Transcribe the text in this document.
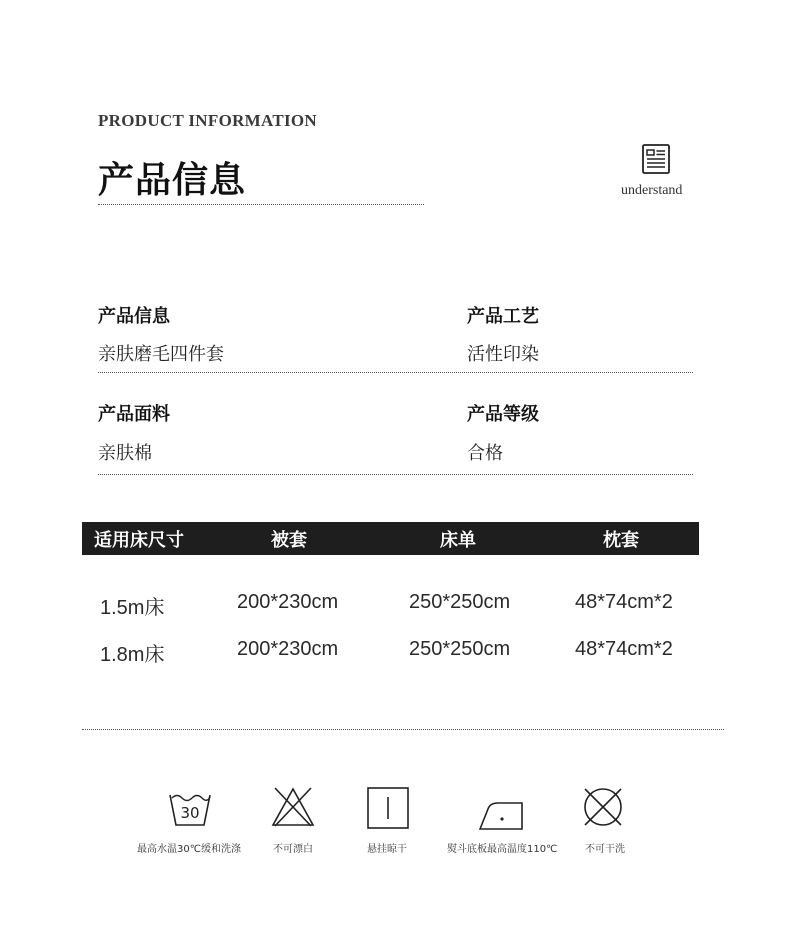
PRODUCT INFORMATION
产品信息	understand
产品信息
亲肤磨毛四件套
产品工艺
活性印染
产品面料
亲肤棉
产品等级
合格
适用床尺寸	被套	床单	枕套
1.5m床	200*230cm	250*250cm	48*74cm*2
1.8m床	200*230cm	250*250cm	48*74cm*2
30
最高水温30℃缓和洗涤	不可漂白	悬挂晾干	熨斗底板最高温度110℃	不可干洗
